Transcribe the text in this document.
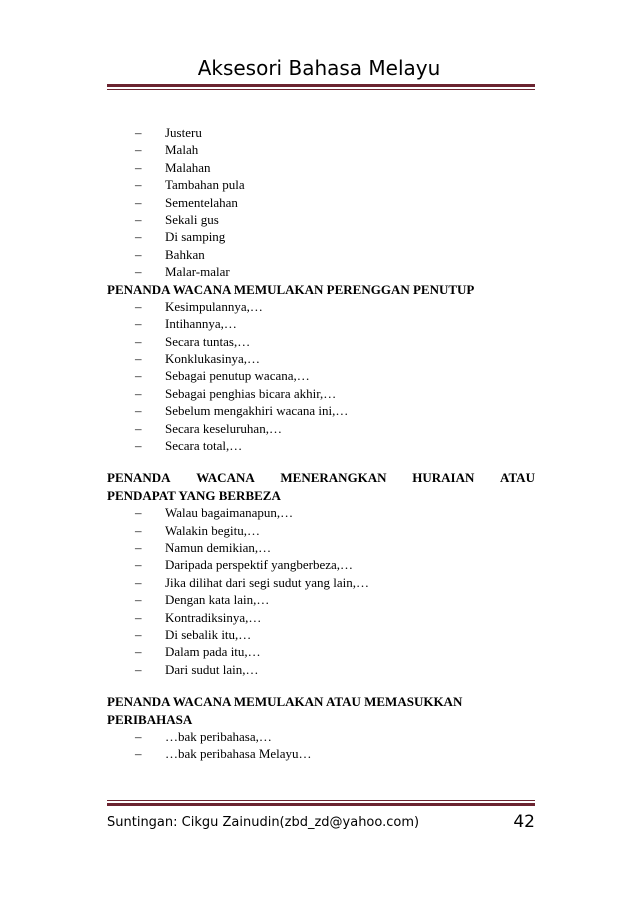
Aksesori Bahasa Melayu
– Justeru
– Malah
– Malahan
– Tambahan pula
– Sementelahan
– Sekali gus
– Di samping
– Bahkan
– Malar-malar
PENANDA WACANA MEMULAKAN PERENGGAN PENUTUP
– Kesimpulannya,…
– Intihannya,…
– Secara tuntas,…
– Konklukasinya,…
– Sebagai penutup wacana,…
– Sebagai penghias bicara akhir,…
– Sebelum mengakhiri wacana ini,…
– Secara keseluruhan,…
– Secara total,…
PENANDA WACANA MENERANGKAN HURAIAN ATAU
PENDAPAT YANG BERBEZA
– Walau bagaimanapun,…
– Walakin begitu,…
– Namun demikian,…
– Daripada perspektif yangberbeza,…
– Jika dilihat dari segi sudut yang lain,…
– Dengan kata lain,…
– Kontradiksinya,…
– Di sebalik itu,…
– Dalam pada itu,…
– Dari sudut lain,…
PENANDA WACANA MEMULAKAN ATAU MEMASUKKAN
PERIBAHASA
– …bak peribahasa,…
– …bak peribahasa Melayu…
Suntingan: Cikgu Zainudin(zbd_zd@yahoo.com)	42
